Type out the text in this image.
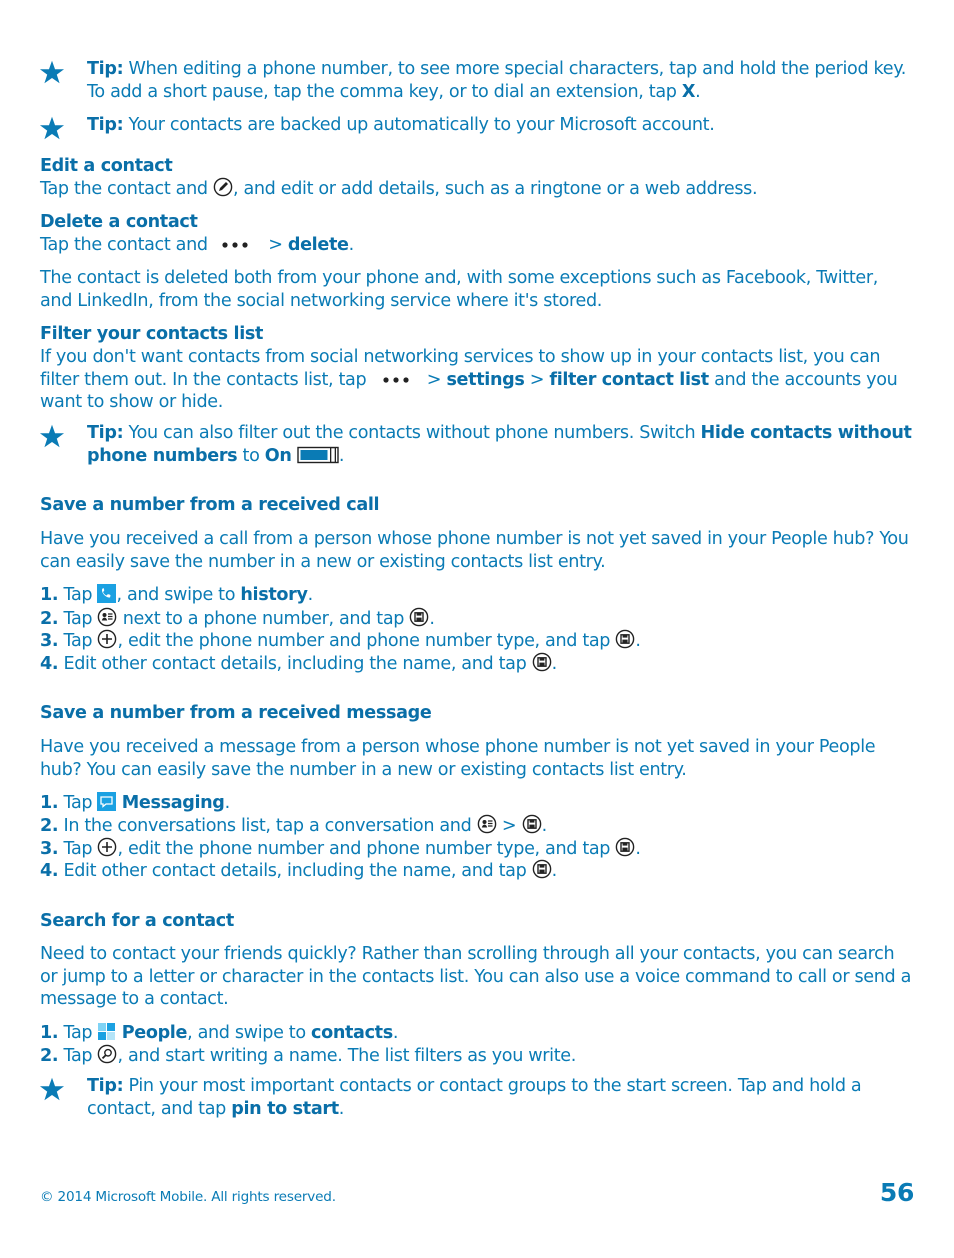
Tip: When editing a phone number, to see more special characters, tap and hold the period key. To add a short pause, tap the comma key, or to dial an extension, tap X.
Tip: Your contacts are backed up automatically to your Microsoft account.
Edit a contact
Tap the contact and
, and edit or add details, such as a ringtone or a web address.
Delete a contact
Tap the contact and	> delete.
The contact is deleted both from your phone and, with some exceptions such as Facebook, Twitter, and LinkedIn, from the social networking service where it's stored.
Filter your contacts list
If you don't want contacts from social networking services to show up in your contacts list, you can filter them out. In the contacts list, tap	> settings > filter contact list and the accounts you want to show or hide.
Tip: You can also filter out the contacts without phone numbers. Switch Hide contacts without phone numbers to On	.
Save a number from a received call
Have you received a call from a person whose phone number is not yet saved in your People hub? You can easily save the number in a new or existing contacts list entry.
1. Tap , and swipe to history.
2. Tap
next to a phone number, and tap
.
3. Tap
, edit the phone number and phone number type, and tap
.
4. Edit other contact details, including the name, and tap
.
Save a number from a received message
Have you received a message from a person whose phone number is not yet saved in your People hub? You can easily save the number in a new or existing contacts list entry.
1. Tap  Messaging.
2. In the conversations list, tap a conversation and
>
.
3. Tap
, edit the phone number and phone number type, and tap
.
4. Edit other contact details, including the name, and tap
.
Search for a contact
Need to contact your friends quickly? Rather than scrolling through all your contacts, you can search or jump to a letter or character in the contacts list. You can also use a voice command to call or send a message to a contact.
1. Tap  People, and swipe to contacts.
2. Tap
, and start writing a name. The list filters as you write.
Tip: Pin your most important contacts or contact groups to the start screen. Tap and hold a contact, and tap pin to start.
© 2014 Microsoft Mobile. All rights reserved.	56
